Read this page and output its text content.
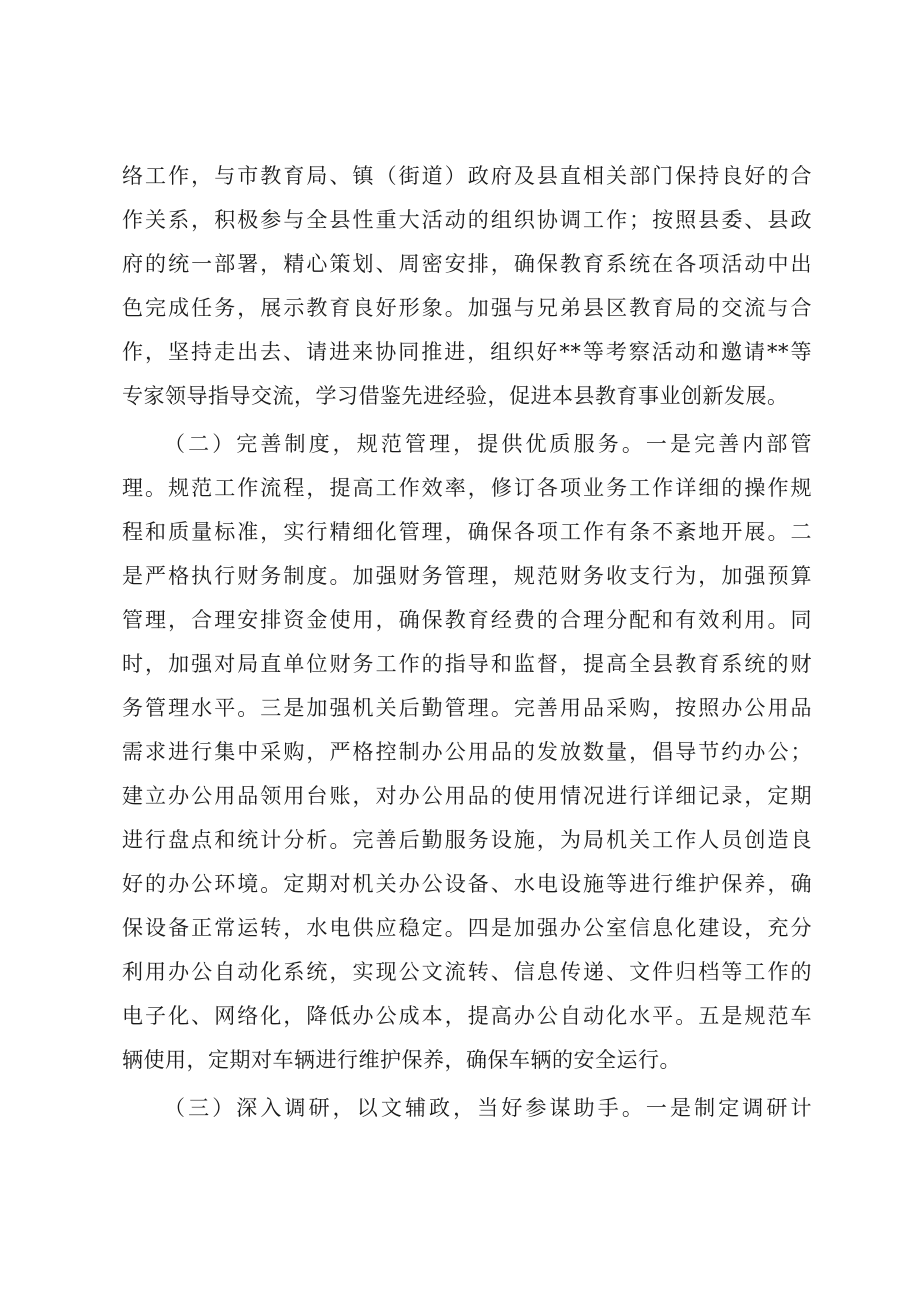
络工作，与市教育局、镇（街道）政府及县直相关部门保持良好的合
作关系，积极参与全县性重大活动的组织协调工作；按照县委、县政
府的统一部署，精心策划、周密安排，确保教育系统在各项活动中出
色完成任务，展示教育良好形象。加强与兄弟县区教育局的交流与合
作，坚持走出去、请进来协同推进，组织好**等考察活动和邀请**等
专家领导指导交流，学习借鉴先进经验，促进本县教育事业创新发展。
（二）完善制度，规范管理，提供优质服务。一是完善内部管
理。规范工作流程，提高工作效率，修订各项业务工作详细的操作规
程和质量标准，实行精细化管理，确保各项工作有条不紊地开展。二
是严格执行财务制度。加强财务管理，规范财务收支行为，加强预算
管理，合理安排资金使用，确保教育经费的合理分配和有效利用。同
时，加强对局直单位财务工作的指导和监督，提高全县教育系统的财
务管理水平。三是加强机关后勤管理。完善用品采购，按照办公用品
需求进行集中采购，严格控制办公用品的发放数量，倡导节约办公；
建立办公用品领用台账，对办公用品的使用情况进行详细记录，定期
进行盘点和统计分析。完善后勤服务设施，为局机关工作人员创造良
好的办公环境。定期对机关办公设备、水电设施等进行维护保养，确
保设备正常运转，水电供应稳定。四是加强办公室信息化建设，充分
利用办公自动化系统，实现公文流转、信息传递、文件归档等工作的
电子化、网络化，降低办公成本，提高办公自动化水平。五是规范车
辆使用，定期对车辆进行维护保养，确保车辆的安全运行。
（三）深入调研，以文辅政，当好参谋助手。一是制定调研计
